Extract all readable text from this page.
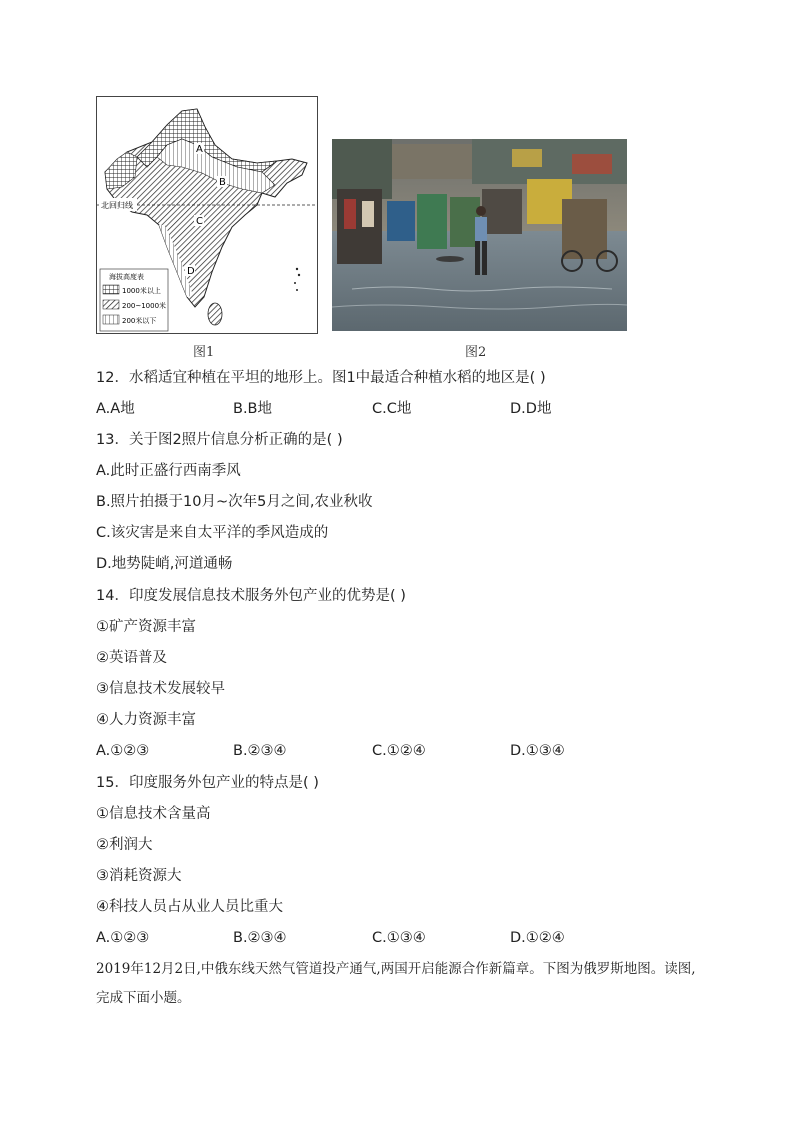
北回归线
A
B
C
D
海拔高度表
1000米以上
200~1000米
200米以下
图1	图2
12．水稻适宜种植在平坦的地形上。图1中最适合种植水稻的地区是( )
A.A地	B.B地	C.C地	D.D地
13．关于图2照片信息分析正确的是( )
A.此时正盛行西南季风
B.照片拍摄于10月~次年5月之间,农业秋收
C.该灾害是来自太平洋的季风造成的
D.地势陡峭,河道通畅
14．印度发展信息技术服务外包产业的优势是( )
①矿产资源丰富
②英语普及
③信息技术发展较早
④人力资源丰富
A.①②③	B.②③④	C.①②④	D.①③④
15．印度服务外包产业的特点是( )
①信息技术含量高
②利润大
③消耗资源大
④科技人员占从业人员比重大
A.①②③	B.②③④	C.①③④	D.①②④
2019年12月2日,中俄东线天然气管道投产通气,两国开启能源合作新篇章。下图为俄罗斯地图。读图,完成下面小题。
